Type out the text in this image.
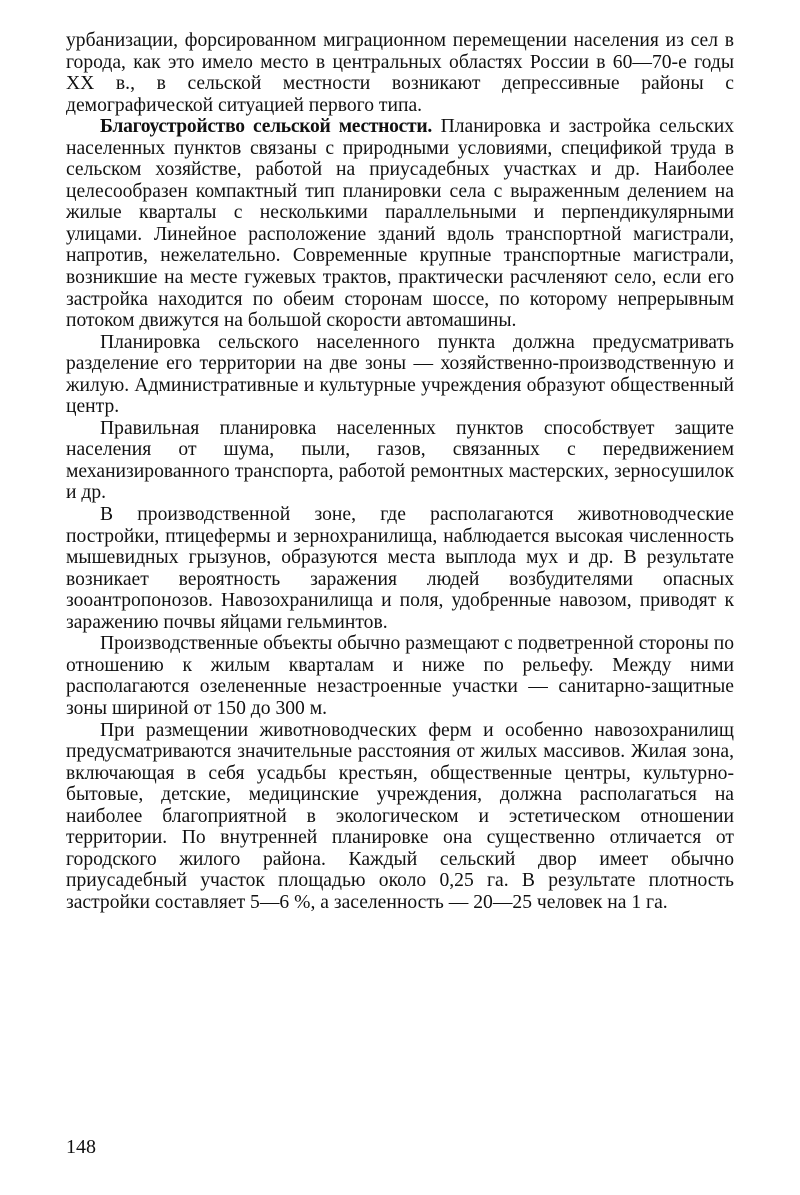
урбанизации, форсированном миграционном перемещении населения из сел в города, как это имело место в центральных областях России в 60—70-е годы XX в., в сельской местности возникают депрессивные районы с демографической ситуацией первого типа.

Благоустройство сельской местности. Планировка и застройка сельских населенных пунктов связаны с природными условиями, спецификой труда в сельском хозяйстве, работой на приусадебных участках и др. Наиболее целесообразен компактный тип планировки села с выраженным делением на жилые кварталы с несколькими параллельными и перпендикулярными улицами. Линейное расположение зданий вдоль транспортной магистрали, напротив, нежелательно. Современные крупные транспортные магистрали, возникшие на месте гужевых трактов, практически расчленяют село, если его застройка находится по обеим сторонам шоссе, по которому непрерывным потоком движутся на большой скорости автомашины.

Планировка сельского населенного пункта должна предусматривать разделение его территории на две зоны — хозяйственно-производственную и жилую. Административные и культурные учреждения образуют общественный центр.

Правильная планировка населенных пунктов способствует защите населения от шума, пыли, газов, связанных с передвижением механизированного транспорта, работой ремонтных мастерских, зерносушилок и др.

В производственной зоне, где располагаются животноводческие постройки, птицефермы и зернохранилища, наблюдается высокая численность мышевидных грызунов, образуются места выплода мух и др. В результате возникает вероятность заражения людей возбудителями опасных зооантропонозов. Навозохранилища и поля, удобренные навозом, приводят к заражению почвы яйцами гельминтов.

Производственные объекты обычно размещают с подветренной стороны по отношению к жилым кварталам и ниже по рельефу. Между ними располагаются озелененные незастроенные участки — санитарно-защитные зоны шириной от 150 до 300 м.

При размещении животноводческих ферм и особенно навозохранилищ предусматриваются значительные расстояния от жилых массивов. Жилая зона, включающая в себя усадьбы крестьян, общественные центры, культурно-бытовые, детские, медицинские учреждения, должна располагаться на наиболее благоприятной в экологическом и эстетическом отношении территории. По внутренней планировке она существенно отличается от городского жилого района. Каждый сельский двор имеет обычно приусадебный участок площадью около 0,25 га. В результате плотность застройки составляет 5—6 %, а заселенность — 20—25 человек на 1 га.

148
